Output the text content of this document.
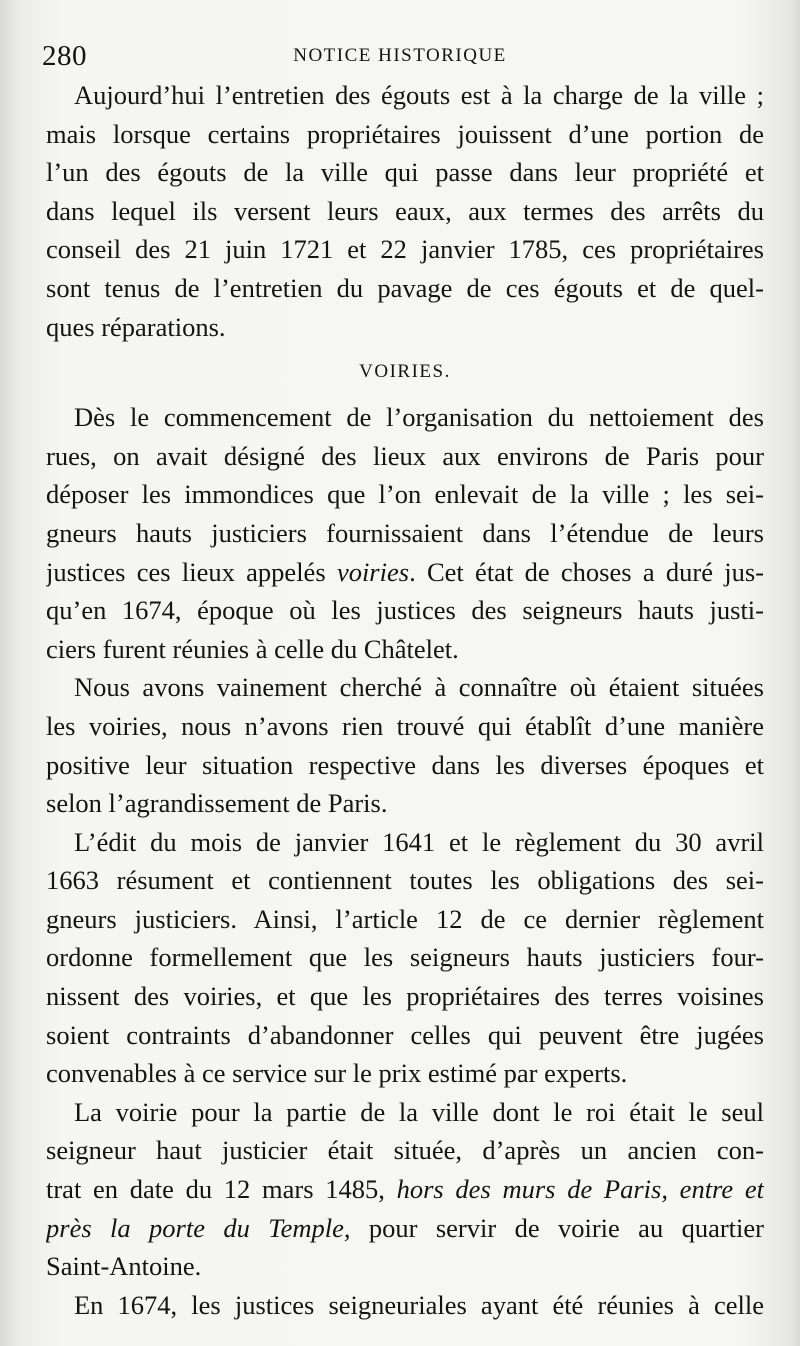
280	NOTICE HISTORIQUE
Aujourd’hui l’entretien des égouts est à la charge de la ville ;
mais lorsque certains propriétaires jouissent d’une portion de
l’un des égouts de la ville qui passe dans leur propriété et
dans lequel ils versent leurs eaux, aux termes des arrêts du
conseil des 21 juin 1721 et 22 janvier 1785, ces propriétaires
sont tenus de l’entretien du pavage de ces égouts et de quel-
ques réparations.
VOIRIES.
Dès le commencement de l’organisation du nettoiement des
rues, on avait désigné des lieux aux environs de Paris pour
déposer les immondices que l’on enlevait de la ville ; les sei-
gneurs hauts justiciers fournissaient dans l’étendue de leurs
justices ces lieux appelés voiries. Cet état de choses a duré jus-
qu’en 1674, époque où les justices des seigneurs hauts justi-
ciers furent réunies à celle du Châtelet.
Nous avons vainement cherché à connaître où étaient situées
les voiries, nous n’avons rien trouvé qui établît d’une manière
positive leur situation respective dans les diverses époques et
selon l’agrandissement de Paris.
L’édit du mois de janvier 1641 et le règlement du 30 avril
1663 résument et contiennent toutes les obligations des sei-
gneurs justiciers. Ainsi, l’article 12 de ce dernier règlement
ordonne formellement que les seigneurs hauts justiciers four-
nissent des voiries, et que les propriétaires des terres voisines
soient contraints d’abandonner celles qui peuvent être jugées
convenables à ce service sur le prix estimé par experts.
La voirie pour la partie de la ville dont le roi était le seul
seigneur haut justicier était située, d’après un ancien con-
trat en date du 12 mars 1485, hors des murs de Paris, entre et
près la porte du Temple, pour servir de voirie au quartier
Saint-Antoine.
En 1674, les justices seigneuriales ayant été réunies à celle
